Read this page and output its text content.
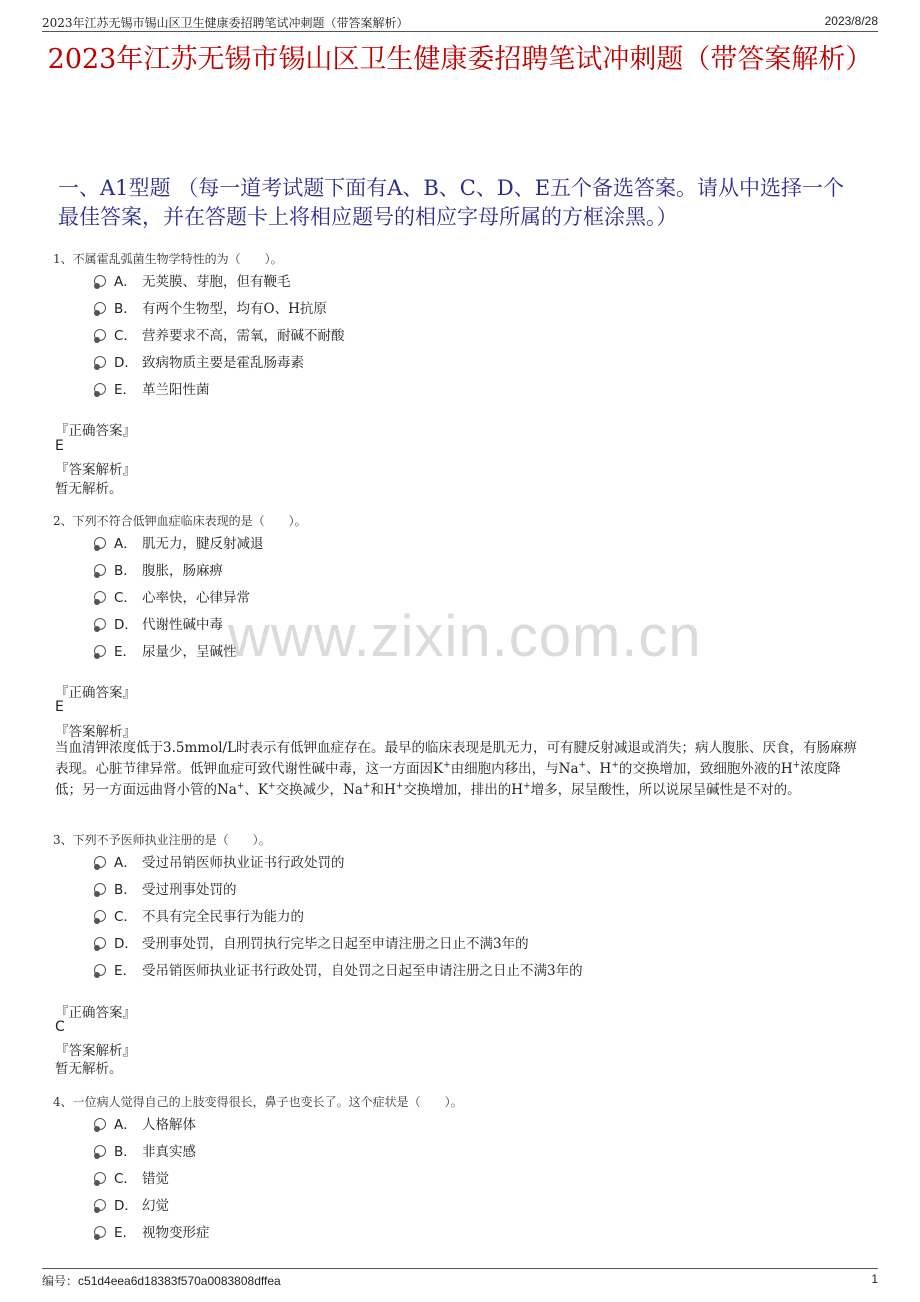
2023年江苏无锡市锡山区卫生健康委招聘笔试冲刺题（带答案解析）	2023/8/28
2023年江苏无锡市锡山区卫生健康委招聘笔试冲刺题（带答案解析）
一、A1型题 （每一道考试题下面有A、B、C、D、E五个备选答案。请从中选择一个最佳答案，并在答题卡上将相应题号的相应字母所属的方框涂黑。）
www.zixin.com.cn
1、不属霍乱弧菌生物学特性的为（　　）。
A． 无荚膜、芽胞，但有鞭毛
B． 有两个生物型，均有O、H抗原
C． 营养要求不高，需氧，耐碱不耐酸
D． 致病物质主要是霍乱肠毒素
E． 革兰阳性菌
『正确答案』
E
『答案解析』
暂无解析。
2、下列不符合低钾血症临床表现的是（　　）。
A． 肌无力，腱反射减退
B． 腹胀，肠麻痹
C． 心率快，心律异常
D． 代谢性碱中毒
E． 尿量少，呈碱性
『正确答案』
E
『答案解析』
当血清钾浓度低于3.5mmol/L时表示有低钾血症存在。最早的临床表现是肌无力，可有腱反射减退或消失；病人腹胀、厌食，有肠麻痹表现。心脏节律异常。低钾血症可致代谢性碱中毒，这一方面因K+由细胞内移出，与Na+、H+的交换增加，致细胞外液的H+浓度降低；另一方面远曲肾小管的Na+、K+交换减少，Na+和H+交换增加，排出的H+增多，尿呈酸性，所以说尿呈碱性是不对的。
3、下列不予医师执业注册的是（　　）。
A． 受过吊销医师执业证书行政处罚的
B． 受过刑事处罚的
C． 不具有完全民事行为能力的
D． 受刑事处罚，自刑罚执行完毕之日起至申请注册之日止不满3年的
E． 受吊销医师执业证书行政处罚，自处罚之日起至申请注册之日止不满3年的
『正确答案』
C
『答案解析』
暂无解析。
4、一位病人觉得自己的上肢变得很长，鼻子也变长了。这个症状是（　　）。
A． 人格解体
B． 非真实感
C． 错觉
D． 幻觉
E． 视物变形症
编号：c51d4eea6d18383f570a0083808dffea	1
